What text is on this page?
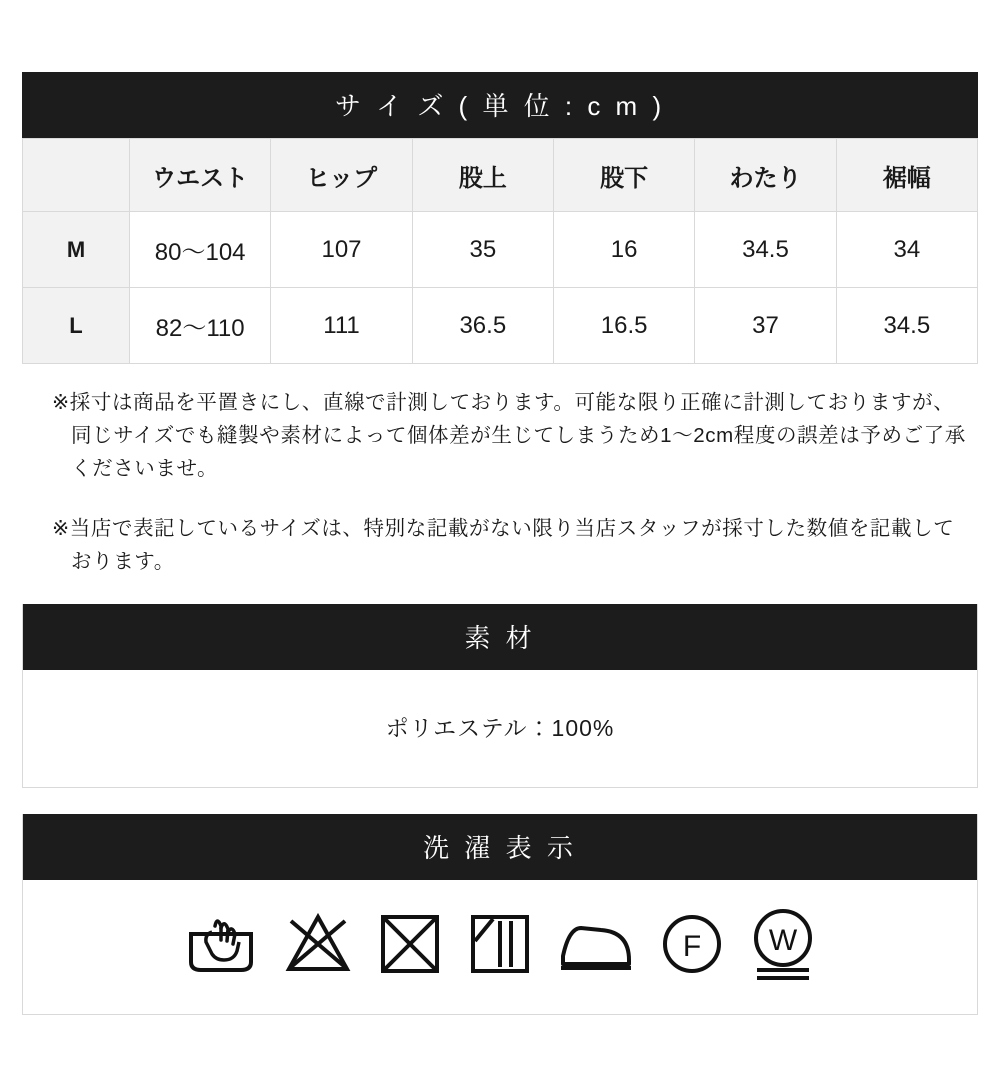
サ イ ズ ( 単 位 : c m )
	ウエスト	ヒップ	股上	股下	わたり	裾幅
M	80〜104	107	35	16	34.5	34
L	82〜110	111	36.5	16.5	37	34.5

※採寸は商品を平置きにし、直線で計測しております。可能な限り正確に計測しておりますが、同じサイズでも縫製や素材によって個体差が生じてしまうため1〜2cm程度の誤差は予めご了承くださいませ。

※当店で表記しているサイズは、特別な記載がない限り当店スタッフが採寸した数値を記載しております。

素 材
ポリエステル：100%
洗 濯 表 示
F W
